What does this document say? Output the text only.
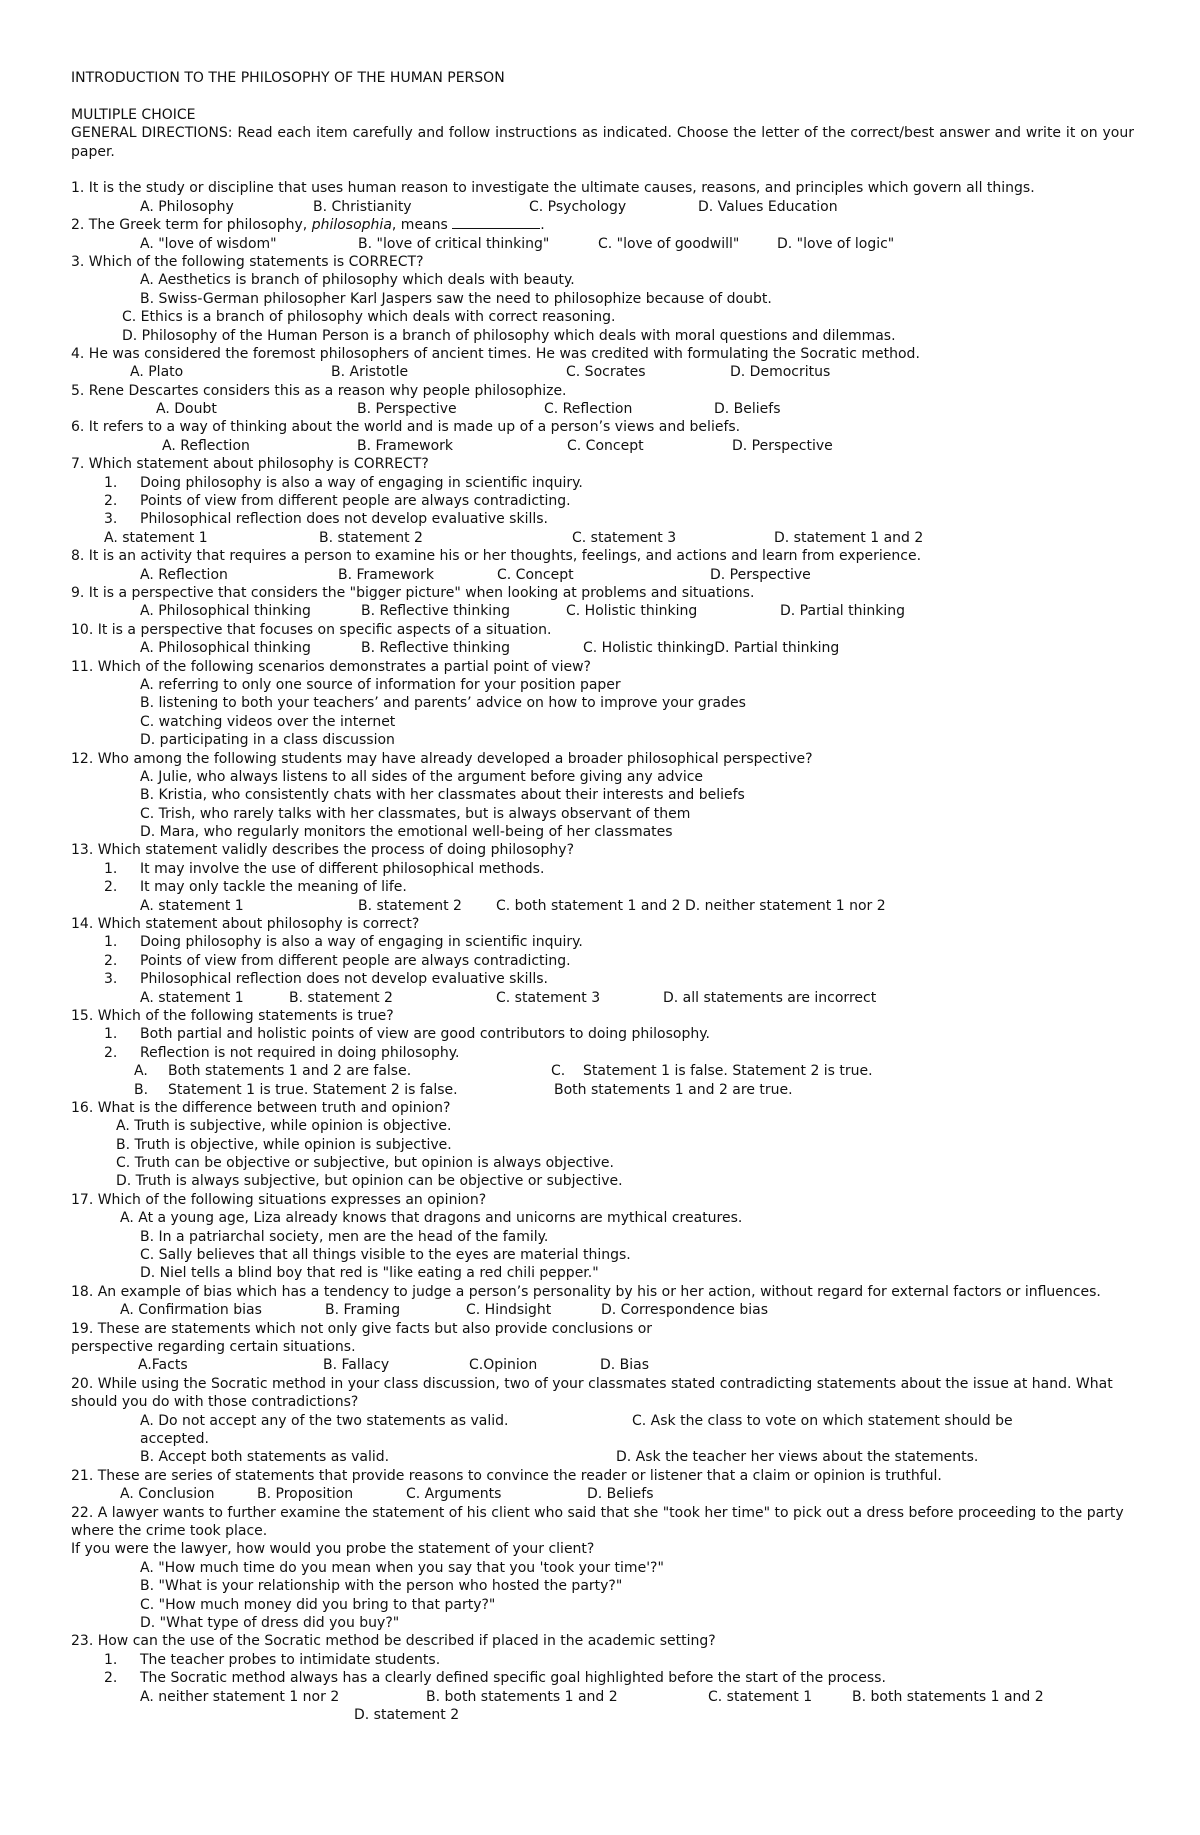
INTRODUCTION TO THE PHILOSOPHY OF THE HUMAN PERSON
MULTIPLE CHOICE
GENERAL DIRECTIONS: Read each item carefully and follow instructions as indicated. Choose the letter of the correct/best answer and write it on your paper.
1. It is the study or discipline that uses human reason to investigate the ultimate causes, reasons, and principles which govern all things.
A. Philosophy	B. Christianity	C. Psychology	D. Values Education
2. The Greek term for philosophy, philosophia, means	.
A. "love of wisdom"	B. "love of critical thinking"	C. "love of goodwill"	D. "love of logic"
3. Which of the following statements is CORRECT?
A. Aesthetics is branch of philosophy which deals with beauty.
B. Swiss-German philosopher Karl Jaspers saw the need to philosophize because of doubt.
C. Ethics is a branch of philosophy which deals with correct reasoning.
D. Philosophy of the Human Person is a branch of philosophy which deals with moral questions and dilemmas.
4. He was considered the foremost philosophers of ancient times. He was credited with formulating the Socratic method.
A. Plato	B. Aristotle	C. Socrates	D. Democritus
5. Rene Descartes considers this as a reason why people philosophize.
A. Doubt	B. Perspective	C. Reflection	D. Beliefs
6. It refers to a way of thinking about the world and is made up of a person’s views and beliefs.
A. Reflection	B. Framework	C. Concept	D. Perspective
7. Which statement about philosophy is CORRECT?
1. Doing philosophy is also a way of engaging in scientific inquiry.
2. Points of view from different people are always contradicting.
3. Philosophical reflection does not develop evaluative skills.
A. statement 1	B. statement 2	C. statement 3	D. statement 1 and 2
8. It is an activity that requires a person to examine his or her thoughts, feelings, and actions and learn from experience.
A. Reflection	B. Framework	C. Concept	D. Perspective
9. It is a perspective that considers the "bigger picture" when looking at problems and situations.
A. Philosophical thinking	B. Reflective thinking	C. Holistic thinking	D. Partial thinking
10. It is a perspective that focuses on specific aspects of a situation.
A. Philosophical thinking	B. Reflective thinking	C. Holistic thinkingD. Partial thinking
11. Which of the following scenarios demonstrates a partial point of view?
A. referring to only one source of information for your position paper
B. listening to both your teachers’ and parents’ advice on how to improve your grades
C. watching videos over the internet
D. participating in a class discussion
12. Who among the following students may have already developed a broader philosophical perspective?
A. Julie, who always listens to all sides of the argument before giving any advice
B. Kristia, who consistently chats with her classmates about their interests and beliefs
C. Trish, who rarely talks with her classmates, but is always observant of them
D. Mara, who regularly monitors the emotional well-being of her classmates
13. Which statement validly describes the process of doing philosophy?
1. It may involve the use of different philosophical methods.
2. It may only tackle the meaning of life.
A. statement 1	B. statement 2 C. both statement 1 and 2 D. neither statement 1 nor 2
14. Which statement about philosophy is correct?
1. Doing philosophy is also a way of engaging in scientific inquiry.
2. Points of view from different people are always contradicting.
3. Philosophical reflection does not develop evaluative skills.
A. statement 1	B. statement 2	C. statement 3	D. all statements are incorrect
15. Which of the following statements is true?
1. Both partial and holistic points of view are good contributors to doing philosophy.
2. Reflection is not required in doing philosophy.
A. Both statements 1 and 2 are false.	C. Statement 1 is false. Statement 2 is true.
B. Statement 1 is true. Statement 2 is false.	Both statements 1 and 2 are true.
16. What is the difference between truth and opinion?
A. Truth is subjective, while opinion is objective.
B. Truth is objective, while opinion is subjective.
C. Truth can be objective or subjective, but opinion is always objective.
D. Truth is always subjective, but opinion can be objective or subjective.
17. Which of the following situations expresses an opinion?
A. At a young age, Liza already knows that dragons and unicorns are mythical creatures.
B. In a patriarchal society, men are the head of the family.
C. Sally believes that all things visible to the eyes are material things.
D. Niel tells a blind boy that red is "like eating a red chili pepper."
18. An example of bias which has a tendency to judge a person’s personality by his or her action, without regard for external factors or influences.
A. Confirmation bias	B. Framing	C. Hindsight	D. Correspondence bias
19. These are statements which not only give facts but also provide conclusions or
perspective regarding certain situations.
A.Facts	B. Fallacy	C.Opinion	D. Bias
20. While using the Socratic method in your class discussion, two of your classmates stated contradicting statements about the issue at hand. What should you do with those contradictions?
A. Do not accept any of the two statements as valid.	C. Ask the class to vote on which statement should be
accepted.
B. Accept both statements as valid.	D. Ask the teacher her views about the statements.
21. These are series of statements that provide reasons to convince the reader or listener that a claim or opinion is truthful.
A. Conclusion	B. Proposition	C. Arguments	D. Beliefs
22. A lawyer wants to further examine the statement of his client who said that she "took her time" to pick out a dress before proceeding to the party where the crime took place.
If you were the lawyer, how would you probe the statement of your client?
A. "How much time do you mean when you say that you 'took your time'?"
B. "What is your relationship with the person who hosted the party?"
C. "How much money did you bring to that party?"
D. "What type of dress did you buy?"
23. How can the use of the Socratic method be described if placed in the academic setting?
1. The teacher probes to intimidate students.
2. The Socratic method always has a clearly defined specific goal highlighted before the start of the process.
A. neither statement 1 nor 2	B. both statements 1 and 2	C. statement 1	B. both statements 1 and 2
D. statement 2
